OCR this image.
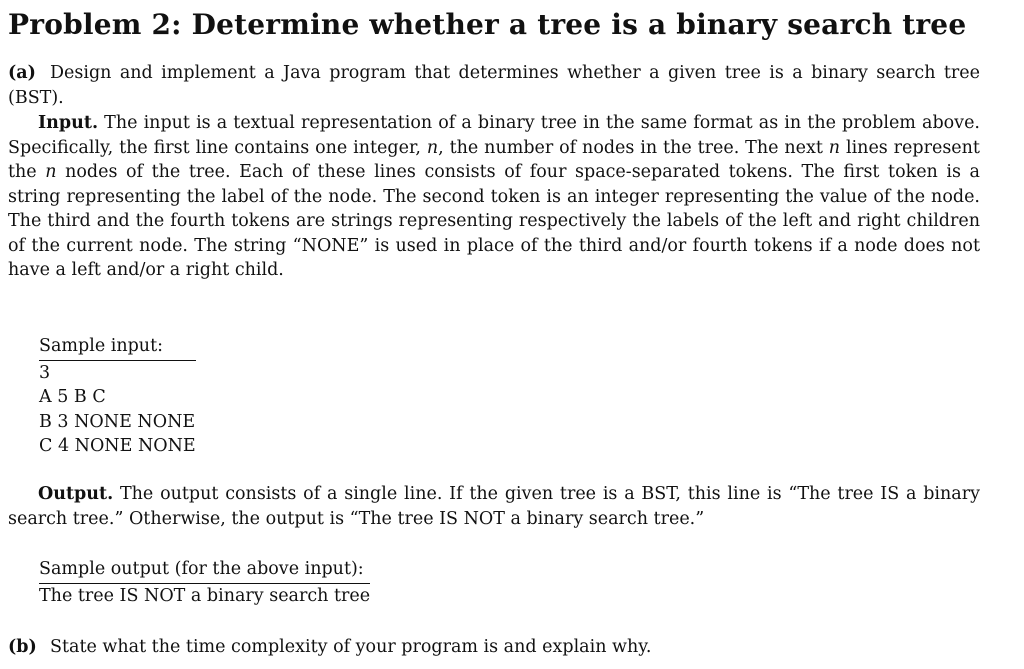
Problem 2: Determine whether a tree is a binary search tree

(a) Design and implement a Java program that determines whether a given tree is a binary search tree (BST).

Input. The input is a textual representation of a binary tree in the same format as in the problem above. Specifically, the first line contains one integer, n, the number of nodes in the tree. The next n lines represent the n nodes of the tree. Each of these lines consists of four space-separated tokens. The first token is a string representing the label of the node. The second token is an integer representing the value of the node. The third and the fourth tokens are strings representing respectively the labels of the left and right children of the current node. The string “NONE” is used in place of the third and/or fourth tokens if a node does not have a left and/or a right child.

Sample input:
3
A 5 B C
B 3 NONE NONE
C 4 NONE NONE

Output. The output consists of a single line. If the given tree is a BST, this line is “The tree IS a binary search tree.” Otherwise, the output is “The tree IS NOT a binary search tree.”

Sample output (for the above input):
The tree IS NOT a binary search tree

(b) State what the time complexity of your program is and explain why.
